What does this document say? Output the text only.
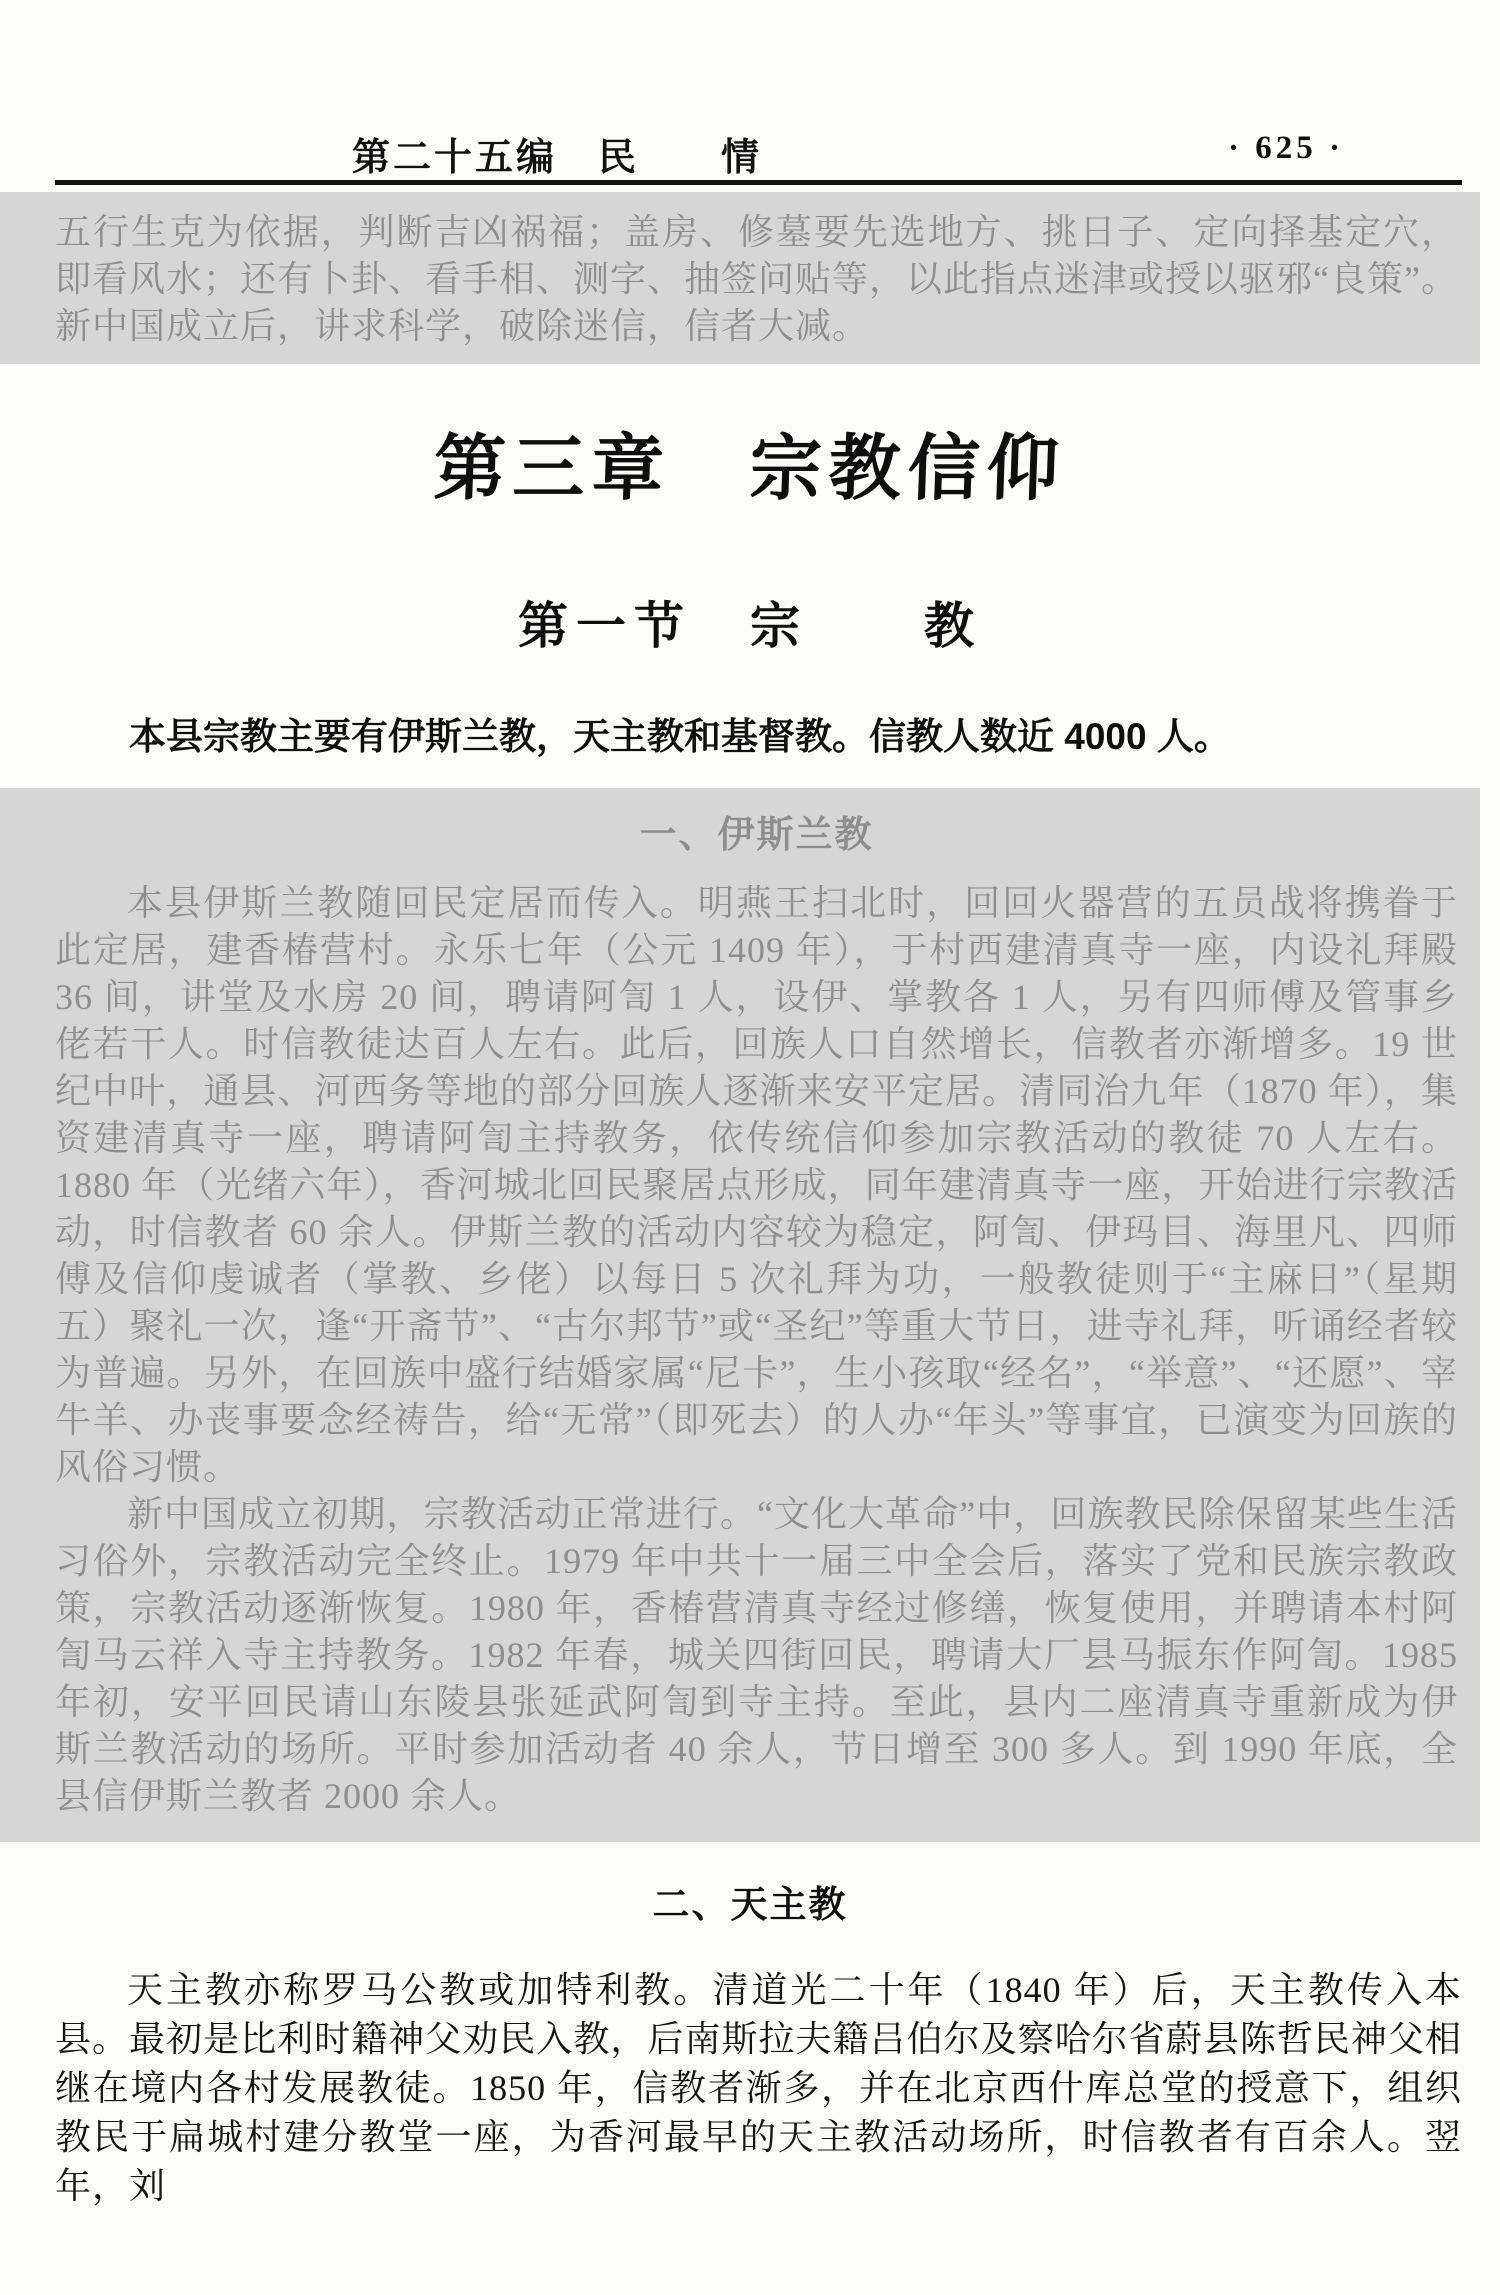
第二十五编　民　　情	· 625 ·

五行生克为依据，判断吉凶祸福；盖房、修墓要先选地方、挑日子、定向择基定穴，即看风水；还有卜卦、看手相、测字、抽签问贴等，以此指点迷津或授以驱邪“良策”。新中国成立后，讲求科学，破除迷信，信者大减。

第三章　宗教信仰
第一节　宗　　教

本县宗教主要有伊斯兰教，天主教和基督教。信教人数近 4000 人。

一、伊斯兰教

本县伊斯兰教随回民定居而传入。明燕王扫北时，回回火器营的五员战将携眷于此定居，建香椿营村。永乐七年（公元 1409 年），于村西建清真寺一座，内设礼拜殿 36 间，讲堂及水房 20 间，聘请阿訇 1 人，设伊、掌教各 1 人，另有四师傅及管事乡佬若干人。时信教徒达百人左右。此后，回族人口自然增长，信教者亦渐增多。19 世纪中叶，通县、河西务等地的部分回族人逐渐来安平定居。清同治九年（1870 年），集资建清真寺一座，聘请阿訇主持教务，依传统信仰参加宗教活动的教徒 70 人左右。1880 年（光绪六年），香河城北回民聚居点形成，同年建清真寺一座，开始进行宗教活动，时信教者 60 余人。伊斯兰教的活动内容较为稳定，阿訇、伊玛目、海里凡、四师傅及信仰虔诚者（掌教、乡佬）以每日 5 次礼拜为功，一般教徒则于“主麻日”（星期五）聚礼一次，逢“开斋节”、“古尔邦节”或“圣纪”等重大节日，进寺礼拜，听诵经者较为普遍。另外，在回族中盛行结婚家属“尼卡”，生小孩取“经名”，“举意”、“还愿”、宰牛羊、办丧事要念经祷告，给“无常”（即死去）的人办“年头”等事宜，已演变为回族的风俗习惯。

新中国成立初期，宗教活动正常进行。“文化大革命”中，回族教民除保留某些生活习俗外，宗教活动完全终止。1979 年中共十一届三中全会后，落实了党和民族宗教政策，宗教活动逐渐恢复。1980 年，香椿营清真寺经过修缮，恢复使用，并聘请本村阿訇马云祥入寺主持教务。1982 年春，城关四街回民，聘请大厂县马振东作阿訇。1985 年初，安平回民请山东陵县张延武阿訇到寺主持。至此，县内二座清真寺重新成为伊斯兰教活动的场所。平时参加活动者 40 余人，节日增至 300 多人。到 1990 年底，全县信伊斯兰教者 2000 余人。

二、天主教

天主教亦称罗马公教或加特利教。清道光二十年（1840 年）后，天主教传入本县。最初是比利时籍神父劝民入教，后南斯拉夫籍吕伯尔及察哈尔省蔚县陈哲民神父相继在境内各村发展教徒。1850 年，信教者渐多，并在北京西什库总堂的授意下，组织教民于扁城村建分教堂一座，为香河最早的天主教活动场所，时信教者有百余人。翌年，刘
